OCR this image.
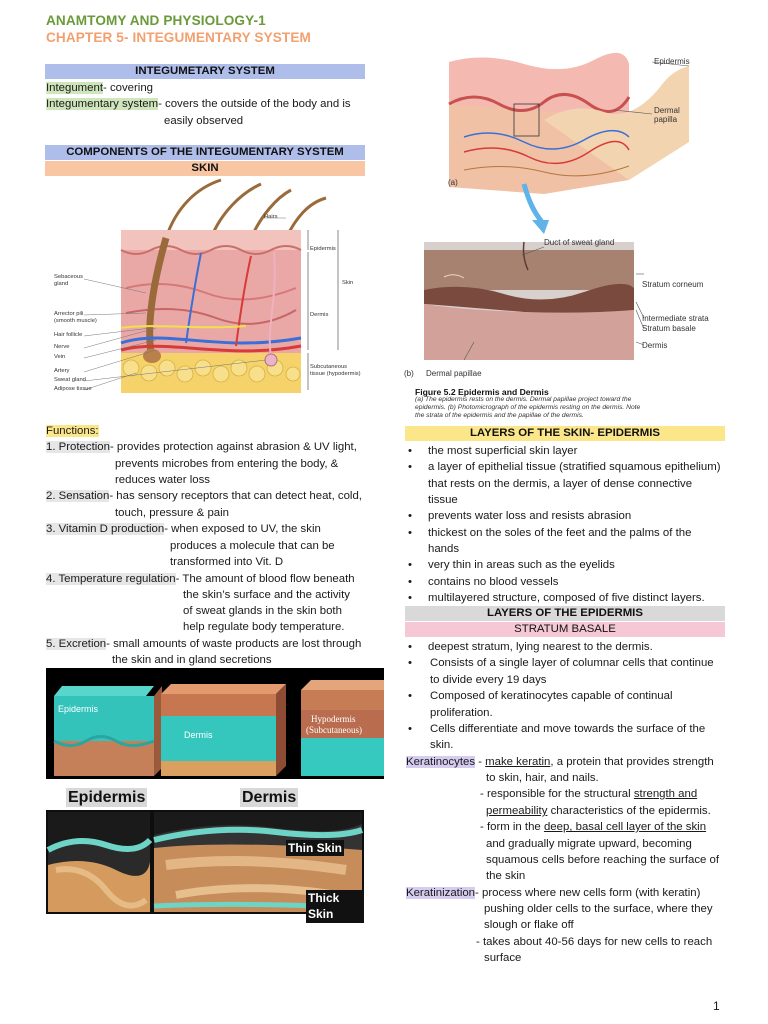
ANAMTOMY AND PHYSIOLOGY-1
CHAPTER 5- INTEGUMENTARY SYSTEM
INTEGUMETARY SYSTEM
Integument- covering
Integumentary system- covers the outside of the body and is
easily observed
COMPONENTS OF THE INTEGUMENTARY SYSTEM
SKIN
Hairs
Epidermis
Skin
Dermis
Subcutaneous
tissue (hypodermis)
Sebaceous
gland
Arrector pili
(smooth muscle)
Hair follicle
Nerve
Vein
Artery
Sweat gland
Adipose tissue
Functions:
1. Protection- provides protection against abrasion & UV light,
prevents microbes from entering the body, &
reduces water loss
2. Sensation- has sensory receptors that can detect heat, cold,
touch, pressure & pain
3. Vitamin D production- when exposed to UV, the skin
produces a molecule that can be
transformed into Vit. D
4. Temperature regulation- The amount of blood flow beneath
the skin’s surface and the activity
of sweat glands in the skin both
help regulate body temperature.
5. Excretion- small amounts of waste products are lost through
the skin and in gland secretions
Epidermis
Dermis
Hypodermis
(Subcutaneous)
Epidermis	Dermis
Thin Skin
Thick Skin
Epidermis
Dermal
papilla
(a)
Duct of sweat gland
Stratum corneum
Intermediate strata
Stratum basale
Dermis
(b) Dermal papillae
Figure 5.2 Epidermis and Dermis
(a) The epidermis rests on the dermis. Dermal papillae project toward the
epidermis. (b) Photomicrograph of the epidermis resting on the dermis. Note
the strata of the epidermis and the papillae of the dermis.
LAYERS OF THE SKIN- EPIDERMIS
• the most superficial skin layer
• a layer of epithelial tissue (stratified squamous epithelium)
that rests on the dermis, a layer of dense connective
tissue
• prevents water loss and resists abrasion
• thickest on the soles of the feet and the palms of the
hands
• very thin in areas such as the eyelids
• contains no blood vessels
• multilayered structure, composed of five distinct layers.
LAYERS OF THE EPIDERMIS
STRATUM BASALE
• deepest stratum, lying nearest to the dermis.
• Consists of a single layer of columnar cells that continue
to divide every 19 days
• Composed of keratinocytes capable of continual
proliferation.
• Cells differentiate and move towards the surface of the
skin.
Keratinocytes - make keratin, a protein that provides strength
to skin, hair, and nails.
- responsible for the structural strength and
permeability characteristics of the epidermis.
- form in the deep, basal cell layer of the skin
and gradually migrate upward, becoming
squamous cells before reaching the surface of
the skin
Keratinization- process where new cells form (with keratin)
pushing older cells to the surface, where they
slough or flake off
- takes about 40-56 days for new cells to reach
surface
1
